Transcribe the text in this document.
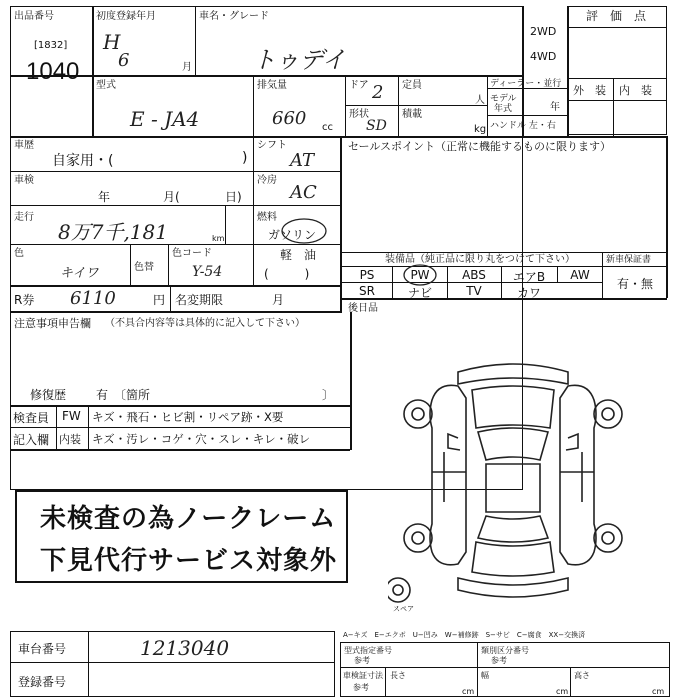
出品番号
[1832]
1040
初度登録年月
H
6	月
車名・グレード
トゥデイ
2WD
4WD
評　価　点
型式
E - JA4
排気量
660 cc
ドア 2
形状
SD
定員
人
積載
kg
ディーラー・並行
モデル
年式	年
ハンドル 左・右
外　装 内　装
車歴
自家用・(	)
シフト
AT
セールスポイント（正常に機能するものに限ります）
車検
年	月(	日)
冷房
AC
走行
8万7千,181	km
燃料
ガソリン
軽　油
(　　　)
色
キイワ	色替
色コード
Y-54
装備品（純正品に限り丸をつけて下さい）	新車保証書
PS	PW	ABS	エアB	AW
SR	ナビ	TV	カワ
有・無
R券 6110	円 名変期限	月
後日品
注意事項申告欄 （不具合内容等は具体的に記入して下さい）
修復歴 有　〔箇所	〕
検査員
記入欄
FW キズ・飛石・ヒビ割・リペア跡・X要
内装 キズ・汚レ・コゲ・穴・スレ・キレ・破レ
未検査の為ノークレーム
下見代行サービス対象外
スペア
A−キズ　E−エクボ　U−凹み　W−補修跡　S−サビ　C−腐食　XX−交換済
車台番号	1213040
登録番号
型式指定番号
参考
類別区分番号
参考
車検証寸法
参考
長さ
cm
幅
cm
高さ
cm
